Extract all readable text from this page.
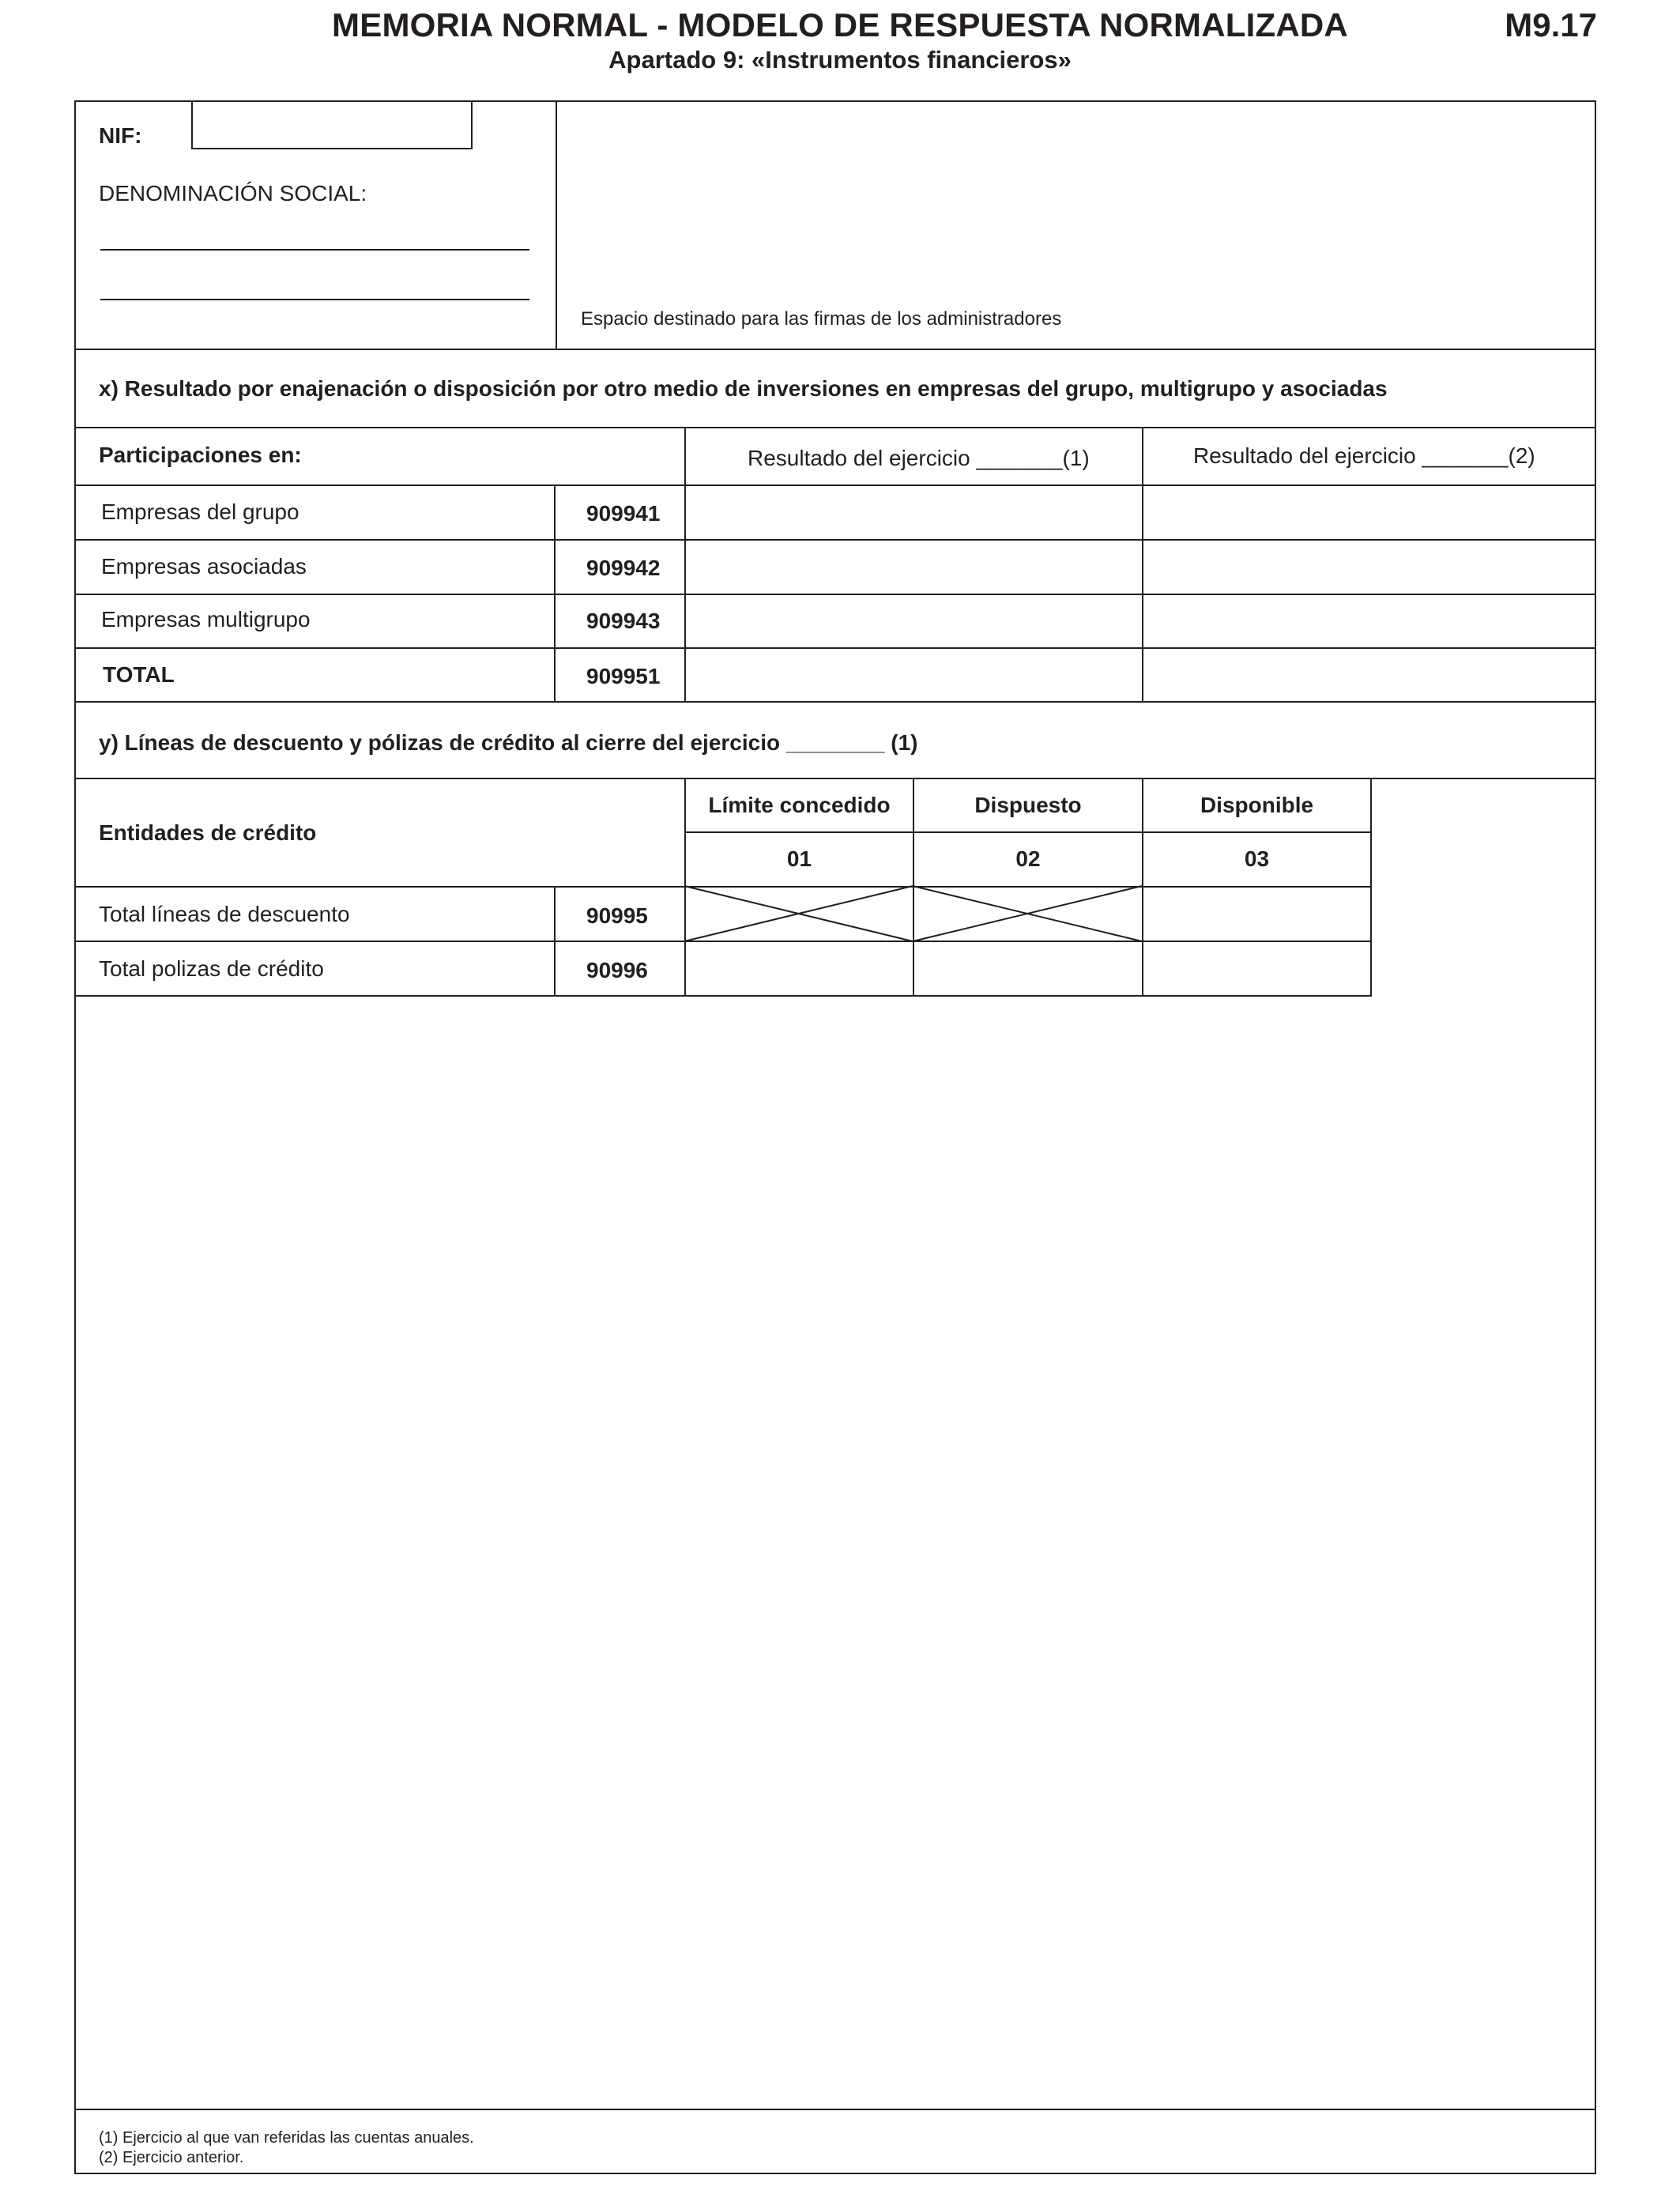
MEMORIA NORMAL - MODELO DE RESPUESTA NORMALIZADA
Apartado 9: «Instrumentos financieros»
M9.17
NIF:
DENOMINACIÓN SOCIAL:
Espacio destinado para las firmas de los administradores
x) Resultado por enajenación o disposición por otro medio de inversiones en empresas del grupo, multigrupo y asociadas
Participaciones en:	Resultado del ejercicio _______(1)	Resultado del ejercicio _______(2)
Empresas del grupo	909941
Empresas asociadas	909942
Empresas multigrupo	909943
TOTAL	909951
y) Líneas de descuento y pólizas de crédito al cierre del ejercicio ________ (1)
Entidades de crédito
Límite concedido	Dispuesto	Disponible
01	02	03
Total líneas de descuento	90995
Total polizas de crédito	90996
(1) Ejercicio al que van referidas las cuentas anuales.
(2) Ejercicio anterior.
